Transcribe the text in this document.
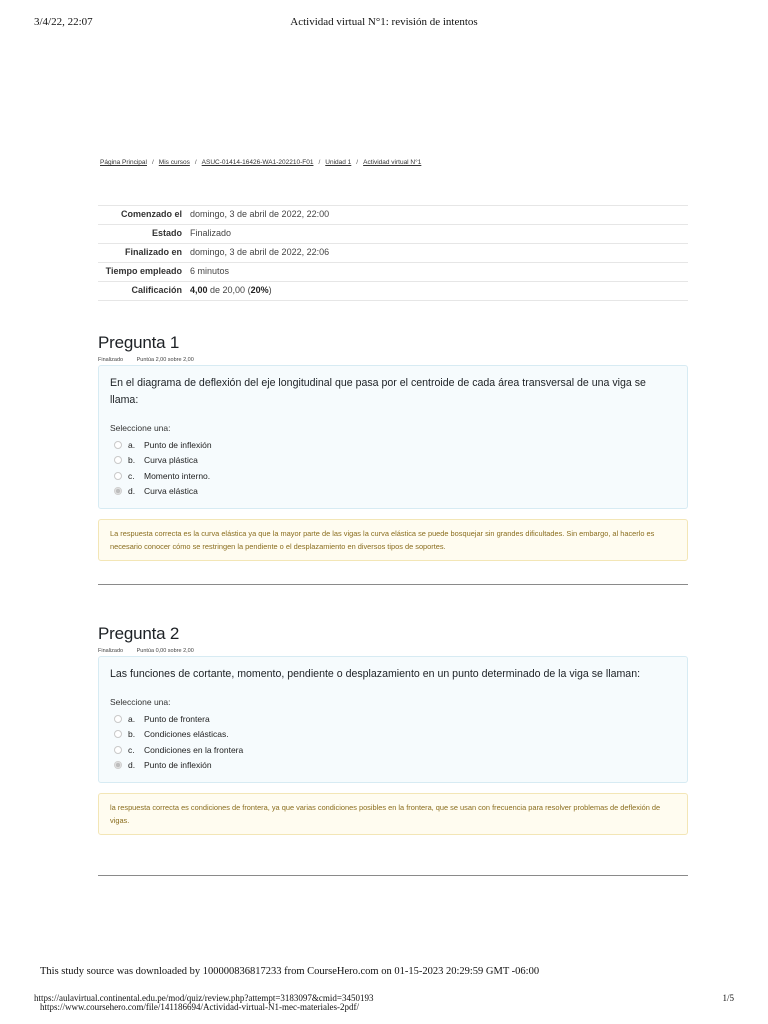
3/4/22, 22:07	Actividad virtual N°1: revisión de intentos
Página Principal / Mis cursos / ASUC-01414-16426-WA1-202210-F01 / Unidad 1 / Actividad virtual N°1
Comenzado el	domingo, 3 de abril de 2022, 22:00
Estado	Finalizado
Finalizado en	domingo, 3 de abril de 2022, 22:06
Tiempo empleado	6 minutos
Calificación	4,00 de 20,00 (20%)
Pregunta 1
Finalizado Puntúa 2,00 sobre 2,00

En el diagrama de deflexión del eje longitudinal que pasa por el centroide de cada área transversal de una viga se llama:

Seleccione una:

a.	Punto de inflexión
b.	Curva plástica
c.	Momento interno.
d.	Curva elástica
La respuesta correcta es la curva elástica ya que la mayor parte de las vigas la curva elástica se puede bosquejar sin grandes dificultades. Sin embargo, al hacerlo es necesario conocer cómo se restringen la pendiente o el desplazamiento en diversos tipos de soportes.
Pregunta 2
Finalizado Puntúa 0,00 sobre 2,00

Las funciones de cortante, momento, pendiente o desplazamiento en un punto determinado de la viga se llaman:

Seleccione una:

a.	Punto de frontera
b.	Condiciones elásticas.
c.	Condiciones en la frontera
d.	Punto de inflexión
la respuesta correcta es condiciones de frontera, ya que varias condiciones posibles en la frontera, que se usan con frecuencia para resolver problemas de deflexión de vigas.
This study source was downloaded by 100000836817233 from CourseHero.com on 01-15-2023 20:29:59 GMT -06:00
https://aulavirtual.continental.edu.pe/mod/quiz/review.php?attempt=3183097&cmid=3450193	1/5
https://www.coursehero.com/file/141186694/Actividad-virtual-N1-mec-materiales-2pdf/
